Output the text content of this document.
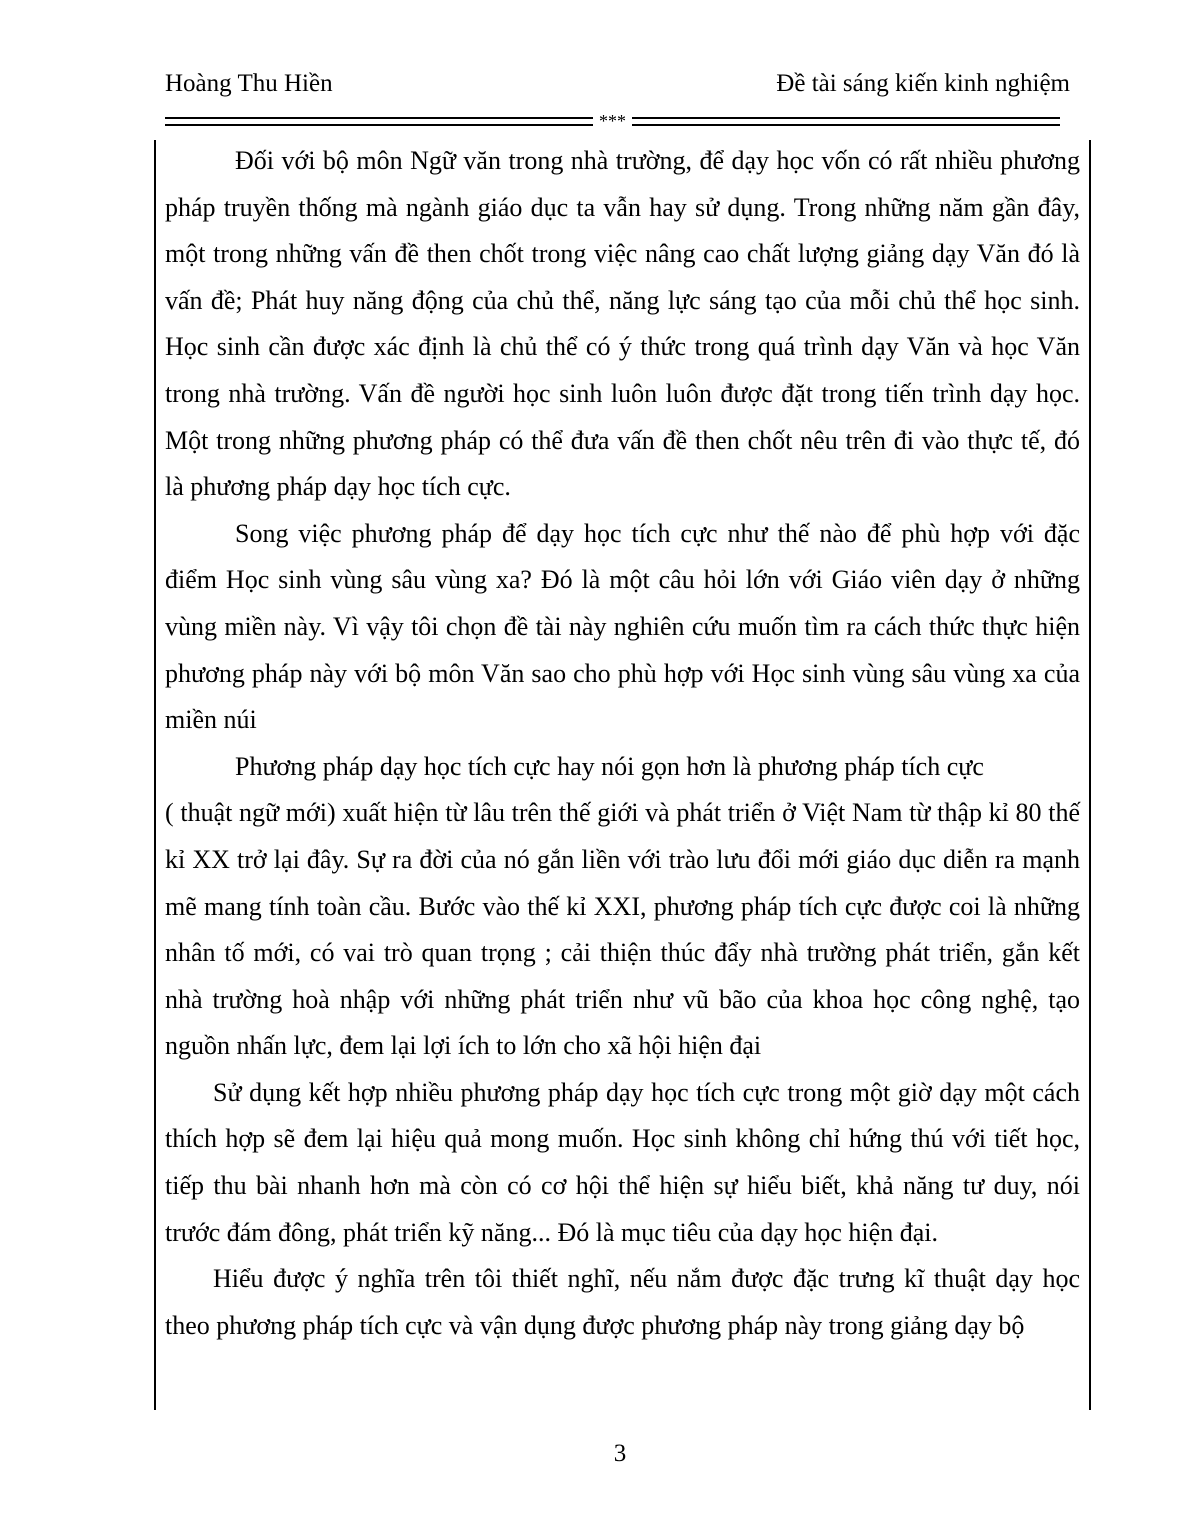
Hoàng Thu Hiền	Đề tài sáng kiến kinh nghiệm
***

Đối với bộ môn Ngữ văn trong nhà trường, để dạy học vốn có rất nhiều phương pháp truyền thống mà ngành giáo dục ta vẫn hay sử dụng. Trong những năm gần đây, một trong những vấn đề then chốt trong việc nâng cao chất lượng giảng dạy Văn đó là vấn đề; Phát huy năng động của chủ thể, năng lực sáng tạo của mỗi chủ thể học sinh. Học sinh cần được xác định là chủ thể có ý thức trong quá trình dạy Văn và học Văn trong nhà trường. Vấn đề người học sinh luôn luôn được đặt trong tiến trình dạy học. Một trong những phương pháp có thể đưa vấn đề then chốt nêu trên đi vào thực tế, đó là phương pháp dạy học tích cực.

Song việc phương pháp để dạy học tích cực như thế nào để phù hợp với đặc điểm Học sinh vùng sâu vùng xa? Đó là một câu hỏi lớn với Giáo viên dạy ở những vùng miền này. Vì vậy tôi chọn đề tài này nghiên cứu muốn tìm ra cách thức thực hiện phương pháp này với bộ môn Văn sao cho phù hợp với Học sinh vùng sâu vùng xa của miền núi

Phương pháp dạy học tích cực hay nói gọn hơn là phương pháp tích cực

( thuật ngữ mới) xuất hiện từ lâu trên thế giới và phát triển ở Việt Nam từ thập kỉ 80 thế kỉ XX trở lại đây. Sự ra đời của nó gắn liền với trào lưu đổi mới giáo dục diễn ra mạnh mẽ mang tính toàn cầu. Bước vào thế kỉ XXI, phương pháp tích cực được coi là những nhân tố mới, có vai trò quan trọng ; cải thiện thúc đẩy nhà trường phát triển, gắn kết nhà trường hoà nhập với những phát triển như vũ bão của khoa học công nghệ, tạo nguồn nhấn lực, đem lại lợi ích to lớn cho xã hội hiện đại

Sử dụng kết hợp nhiều phương pháp dạy học tích cực trong một giờ dạy một cách thích hợp sẽ đem lại hiệu quả mong muốn. Học sinh không chỉ hứng thú với tiết học, tiếp thu bài nhanh hơn mà còn có cơ hội thể hiện sự hiểu biết, khả năng tư duy, nói trước đám đông, phát triển kỹ năng... Đó là mục tiêu của dạy học hiện đại.

Hiểu được ý nghĩa trên tôi thiết nghĩ, nếu nắm được đặc trưng kĩ thuật dạy học theo phương pháp tích cực và vận dụng được phương pháp này trong giảng dạy bộ

3
